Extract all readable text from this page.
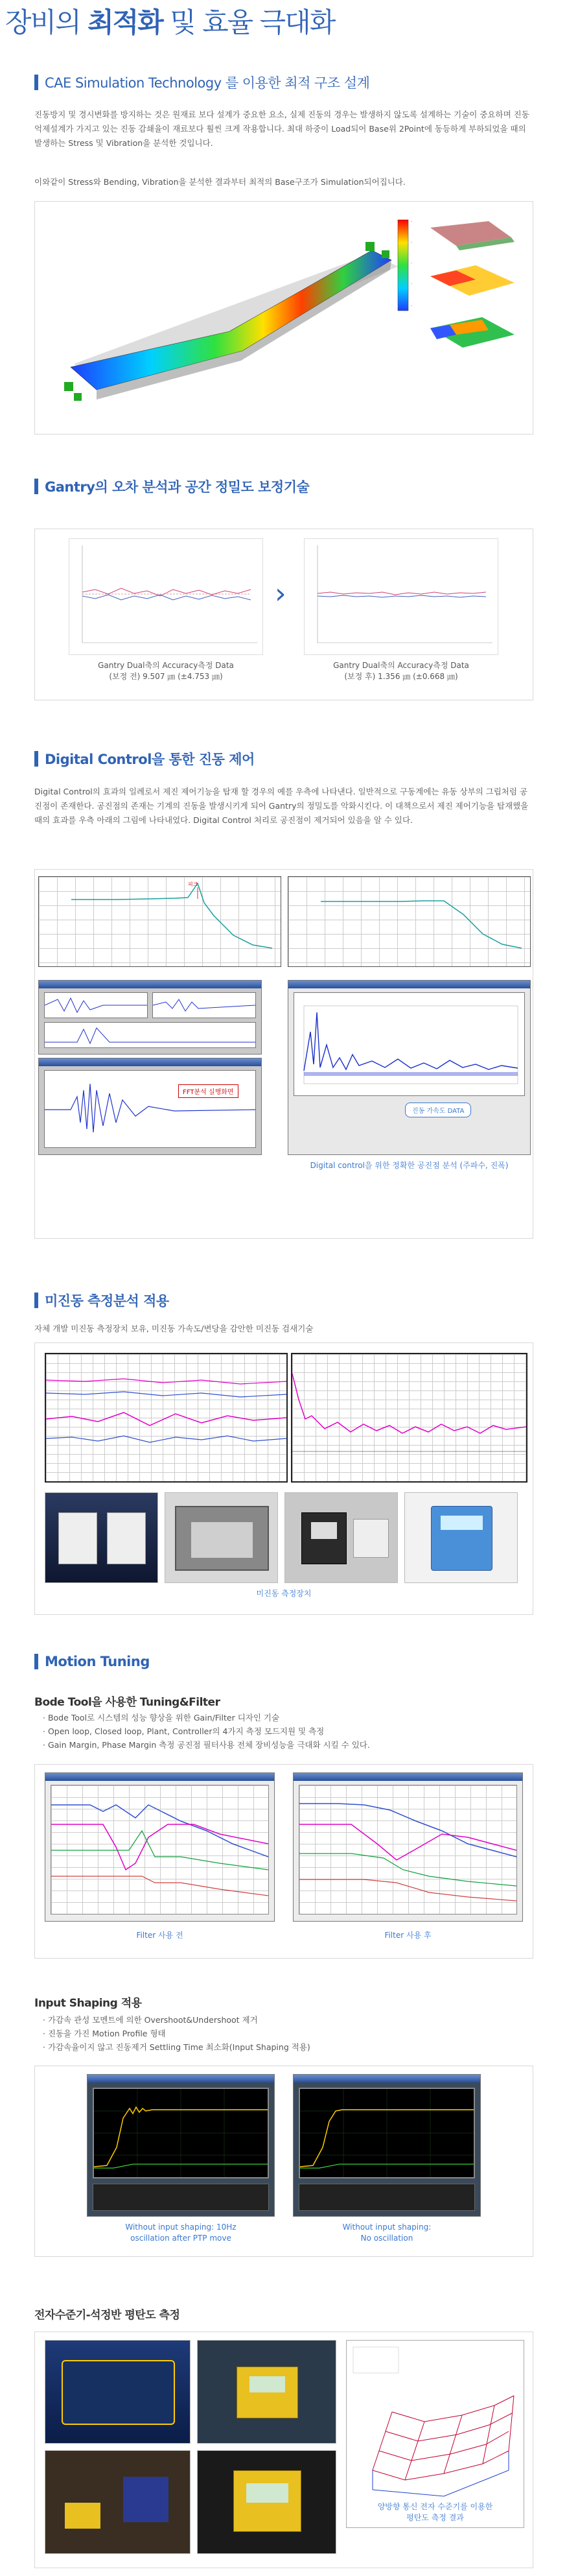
장비의 최적화 및 효율 극대화
CAE Simulation Technology 를 이용한 최적 구조 설계

진동방지 및 경시변화를 방지하는 것은 원재료 보다 설계가 중요한 요소, 실제 진동의 경우는 발생하지 않도록 설계하는 기술이 중요하며 진동억제설계가 가지고 있는 진동 감쇄율이 재료보다 훨씬 크게 작용합니다. 최대 하중이 Load되어 Base위 2Point에 동등하게 부하되었을 때의 발생하는 Stress 및 Vibration을 분석한 것입니다.

이와같이 Stress와 Bending, Vibration을 분석한 결과부터 최적의 Base구조가 Simulation되어집니다.

-
-
-
-
-
Gantry의 오차 분석과 공간 정밀도 보정기술
Gantry Dual축의 Accuracy측정 Data
(보정 전) 9.507 ㎛ (±4.753 ㎛)
›
Gantry Dual축의 Accuracy측정 Data
(보정 후) 1.356 ㎛ (±0.668 ㎛)
Digital Control을 통한 진동 제어

Digital Control의 효과의 일례로서 제진 제어기능을 탑재 할 경우의 예를 우측에 나타낸다. 일반적으로 구동계에는 유동 상부의 그립처럼 공진점이 존재한다. 공진점의 존재는 기계의 진동을 발생시키게 되어 Gantry의 정밀도를 악화시킨다. 이 대책으로서 제진 제어기능을 탑재했을 때의 효과를 우측 아래의 그림에 나타내었다. Digital Control 처리로 공진점이 제거되어 있음을 알 수 있다.

피크
FFT분석 실행화면
진동 가속도 DATA
Digital control을 위한 정확한 공진점 분석 (주파수, 진폭)
미진동 측정분석 적용

자체 개발 미진동 측정장치 보유, 미진동 가속도/변당을 감안한 미진동 검새기술

미진동 측정장치
Motion Tuning
Bode Tool을 사용한 Tuning&Filter
· Bode Tool로 시스템의 성능 향상을 위한 Gain/Filter 디자인 기술
· Open loop, Closed loop, Plant, Controller의 4가지 측정 모드지원 및 측정
· Gain Margin, Phase Margin 측정 공진점 필터사용 전체 장비성능을 극대화 시킬 수 있다.
Filter 사용 전	Filter 사용 후
Input Shaping 적용
· 가감속 관성 모멘트에 의한 Overshoot&Undershoot 제거
· 진동을 가진 Motion Profile 형태
· 가감속율이지 않고 진동제거 Settling Time 최소화(Input Shaping 적용)
Without input shaping: 10Hz
oscillation after PTP move
Without input shaping:
No oscillation
전자수준기-석정반 평탄도 측정
양방향 통신 전자 수준기를 이용한
평탄도 측정 결과
